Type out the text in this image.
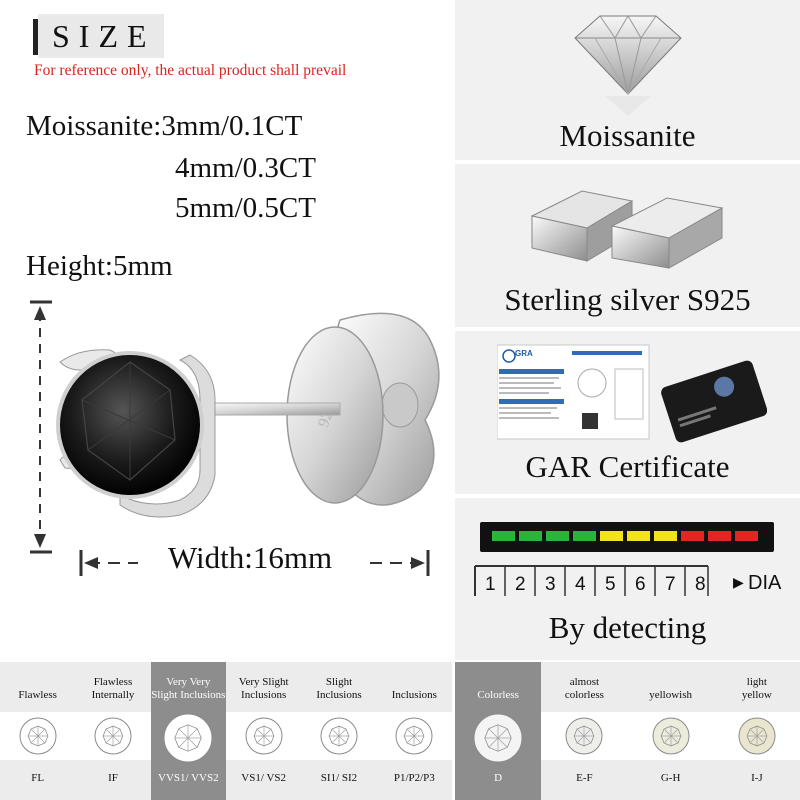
SIZE
For reference only, the actual product shall prevail
Moissanite:3mm/0.1CT
4mm/0.3CT
5mm/0.5CT
Height:5mm
Width:16mm
Moissanite
Sterling silver S925
GRA
GAR Certificate
1 2 3 4 5 6 7 8 ▶ DIA
By detecting
Flawless
FL
Flawless
Internally
IF
Very Very
Slight Inclusions
VVS1/ VVS2
Very Slight
Inclusions
VS1/ VS2
Slight
Inclusions
SI1/ SI2
Inclusions
P1/P2/P3
Colorless
D
almost
colorless
E-F
yellowish
G-H
light
yellow
I-J
